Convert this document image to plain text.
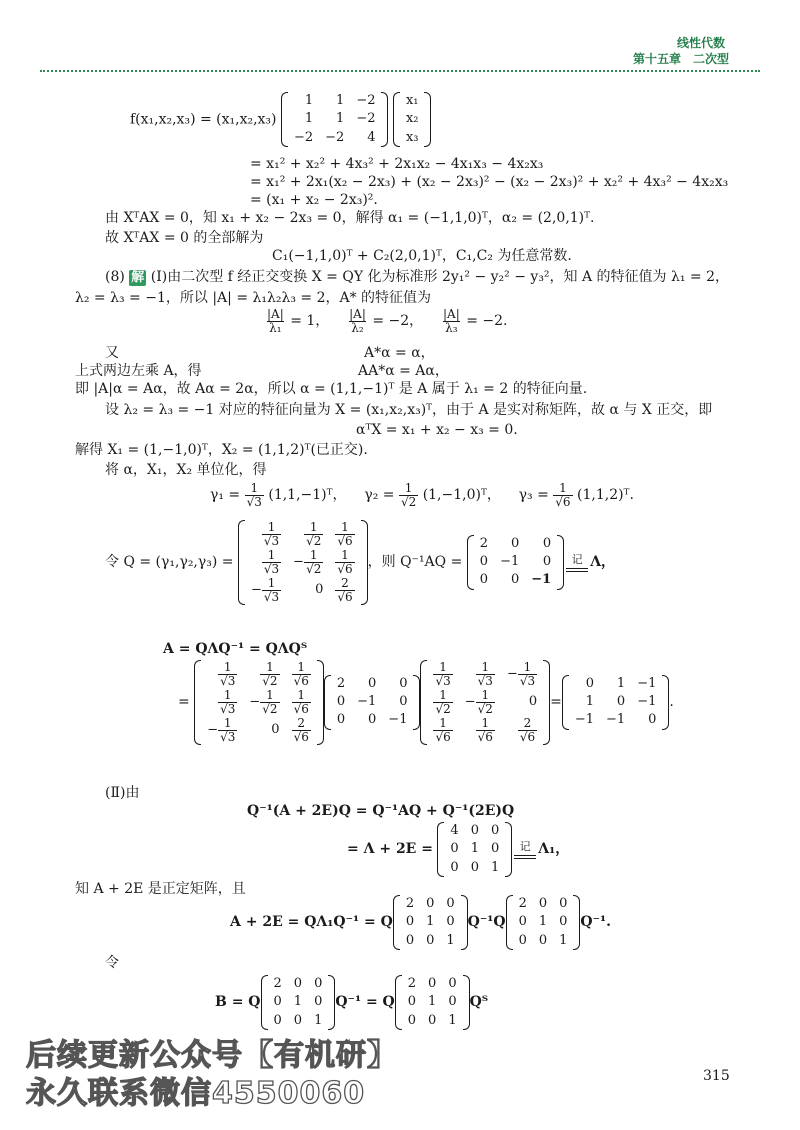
线性代数
第十五章　二次型
f(x₁,x₂,x₃) = (x₁,x₂,x₃)
1	1	−2
1	1	−2
−2	−2	4

x₁
x₂
x₃
= x₁² + x₂² + 4x₃² + 2x₁x₂ − 4x₁x₃ − 4x₂x₃
= x₁² + 2x₁(x₂ − 2x₃) + (x₂ − 2x₃)² − (x₂ − 2x₃)² + x₂² + 4x₃² − 4x₂x₃
= (x₁ + x₂ − 2x₃)².
由 XᵀAX = 0，知 x₁ + x₂ − 2x₃ = 0，解得 α₁ = (−1,1,0)ᵀ，α₂ = (2,0,1)ᵀ.
故 XᵀAX = 0 的全部解为
C₁(−1,1,0)ᵀ + C₂(2,0,1)ᵀ，C₁,C₂ 为任意常数.
(8) 解 (Ⅰ)由二次型 f 经正交变换 X = QY 化为标准形 2y₁² − y₂² − y₃²，知 A 的特征值为 λ₁ = 2，
λ₂ = λ₃ = −1，所以 |A| = λ₁λ₂λ₃ = 2，A* 的特征值为
$\frac{|A|}{\text{λ₁}} = 1$， $\frac{|A|}{\text{λ₂}} = -2$， $\frac{|A|}{\text{λ₃}} = -2$.
又	A*α = α，
上式两边左乘 A，得	AA*α = Aα，
即 |A|α = Aα，故 Aα = 2α，所以 α = (1,1,−1)ᵀ 是 A 属于 λ₁ = 2 的特征向量.
设 λ₂ = λ₃ = −1 对应的特征向量为 X = (x₁,x₂,x₃)ᵀ，由于 A 是实对称矩阵，故 α 与 X 正交，即
αᵀX = x₁ + x₂ − x₃ = 0.
解得 X₁ = (1,−1,0)ᵀ，X₂ = (1,1,2)ᵀ(已正交).
将 α，X₁，X₂ 单位化，得
$\gamma_1 = \frac{1}{√3}$ (1,1,−1)ᵀ， $\gamma_2 = \frac{1}{√2}$ (1,−1,0)ᵀ， $\gamma_3 = \frac{1}{√6}$ (1,1,2)ᵀ.
令 Q = (γ₁,γ₂,γ₃) =

$\frac{1}{√3}$	$\frac{1}{√2}$	$\frac{1}{√6}$

$\frac{1}{√3}$	− $\frac{1}{√2}$	$\frac{1}{√6}$

− $\frac{1}{√3}$	0	$\frac{2}{√6}$
，则 Q⁻¹AQ =

2	0	0
0	−1	0
0	0	−1
记 Λ，
A = QΛQ⁻¹ = QΛQᵀ
=

$\frac{1}{√3}$	$\frac{1}{√2}$	$\frac{1}{√6}$

$\frac{1}{√3}$	− $\frac{1}{√2}$	$\frac{1}{√6}$

− $\frac{1}{√3}$	0	$\frac{2}{√6}$
2	0	0
0	−1	0
0	0	−1
$\frac{1}{√3}$	$\frac{1}{√3}$	− $\frac{1}{√3}$

$\frac{1}{√2}$	− $\frac{1}{√2}$	0

$\frac{1}{√6}$	$\frac{1}{√6}$	$\frac{2}{√6}$
=
0	1	−1
1	0	−1
−1	−1	0
.
(Ⅱ)由
Q⁻¹(A + 2E)Q = Q⁻¹AQ + Q⁻¹(2E)Q
= Λ + 2E =

4	0	0
0	1	0
0	0	1
记 Λ₁，
知 A + 2E 是正定矩阵，且
A + 2E = QΛ₁Q⁻¹ = Q
2	0	0
0	1	0
0	0	1
Q⁻¹Q
2	0	0
0	1	0
0	0	1
Q⁻¹.
令
B = Q
2	0	0
0	1	0
0	0	1
Q⁻¹ = Q
2	0	0
0	1	0
0	0	1
Qᵀ
后续更新公众号【有机研】
永久联系微信4550060	315
